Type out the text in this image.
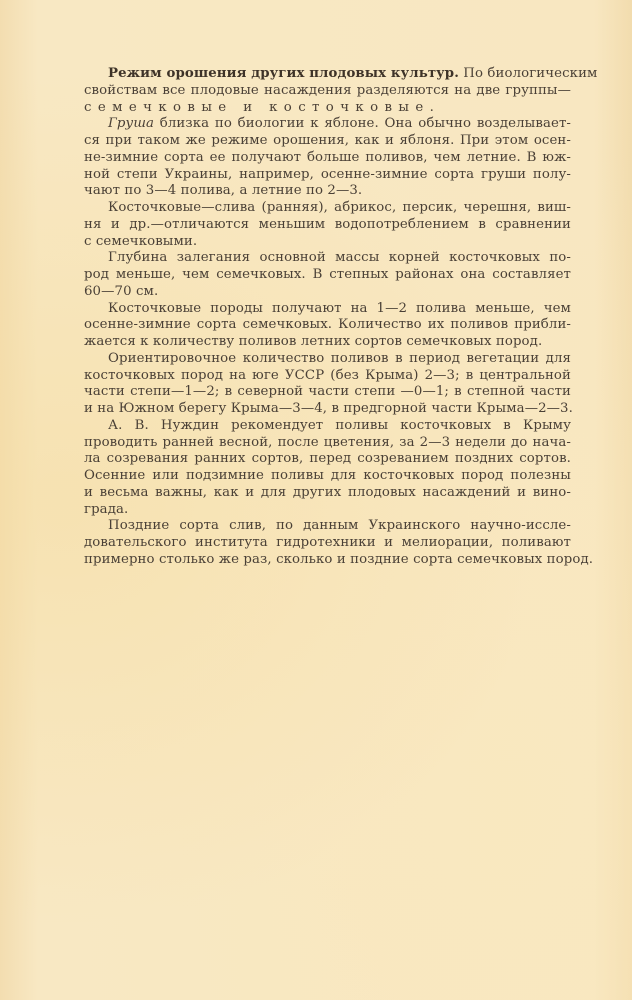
Режим орошения других плодовых культур. По биологическим
свойствам все плодовые насаждения разделяются на две группы—
семечковые и косточковые.

Груша близка по биологии к яблоне. Она обычно возделывает-
ся при таком же режиме орошения, как и яблоня. При этом осен-
не-зимние сорта ее получают больше поливов, чем летние. В юж-
ной степи Украины, например, осенне-зимние сорта груши полу-
чают по 3—4 полива, а летние по 2—3.

Косточковые—слива (ранняя), абрикос, персик, черешня, виш-
ня и др.—отличаются меньшим водопотреблением в сравнении
с семечковыми.

Глубина залегания основной массы корней косточковых по-
род меньше, чем семечковых. В степных районах она составляет
60—70 см.

Косточковые породы получают на 1—2 полива меньше, чем
осенне-зимние сорта семечковых. Количество их поливов прибли-
жается к количеству поливов летних сортов семечковых пород.

Ориентировочное количество поливов в период вегетации для
косточковых пород на юге УССР (без Крыма) 2—3; в центральной
части степи—1—2; в северной части степи —0—1; в степной части
и на Южном берегу Крыма—3—4, в предгорной части Крыма—2—3.

А. В. Нуждин рекомендует поливы косточковых в Крыму
проводить ранней весной, после цветения, за 2—3 недели до нача-
ла созревания ранних сортов, перед созреванием поздних сортов.
Осенние или подзимние поливы для косточковых пород полезны
и весьма важны, как и для других плодовых насаждений и вино-
града.

Поздние сорта слив, по данным Украинского научно-иссле-
довательского института гидротехники и мелиорации, поливают
примерно столько же раз, сколько и поздние сорта семечковых пород.
